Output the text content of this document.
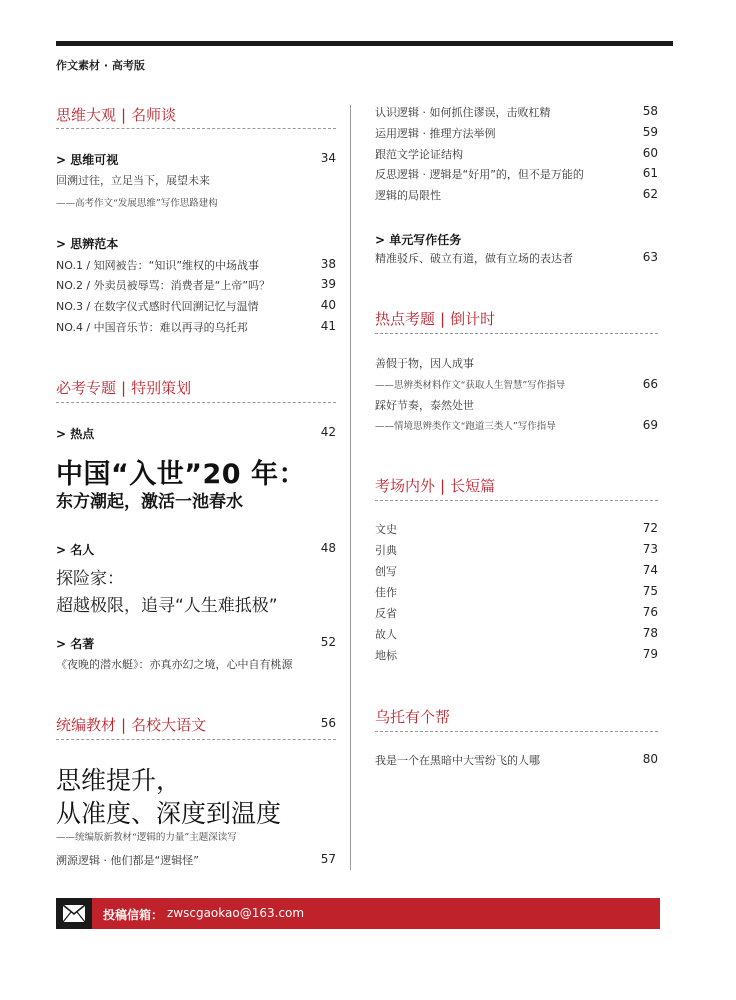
作文素材 · 高考版
思维大观 | 名师谈
> 思维可视	34
回溯过往，立足当下，展望未来
——高考作文“发展思维”写作思路建构
> 思辨范本
NO.1 / 知网被告：“知识”维权的中场战事	38
NO.2 / 外卖员被辱骂：消费者是“上帝”吗？	39
NO.3 / 在数字仪式感时代回溯记忆与温情	40
NO.4 / 中国音乐节：难以再寻的乌托邦	41
必考专题 | 特别策划
> 热点	42
中国“入世”20 年：
东方潮起，激活一池春水
> 名人	48
探险家：
超越极限，追寻“人生难抵极”
> 名著	52
《夜晚的潜水艇》：亦真亦幻之境，心中自有桃源
统编教材 | 名校大语文	56
思维提升，
从准度、深度到温度
——统编版新教材“逻辑的力量”主题深读写
溯源逻辑 · 他们都是“逻辑怪”	57
认识逻辑 · 如何抓住谬误，击败杠精	58
运用逻辑 · 推理方法举例	59
跟范文学论证结构	60
反思逻辑 · 逻辑是“好用”的，但不是万能的	61
逻辑的局限性	62
> 单元写作任务
精准驳斥、破立有道，做有立场的表达者	63
热点考题 | 倒计时
善假于物，因人成事
——思辨类材料作文“获取人生智慧”写作指导	66
踩好节奏，泰然处世
——情境思辨类作文“跑道三类人”写作指导	69
考场内外 | 长短篇
文史	72
引典	73
创写	74
佳作	75
反省	76
故人	78
地标	79
乌托有个帮
我是一个在黑暗中大雪纷飞的人哪	80
投稿信箱： zwscgaokao@163.com
